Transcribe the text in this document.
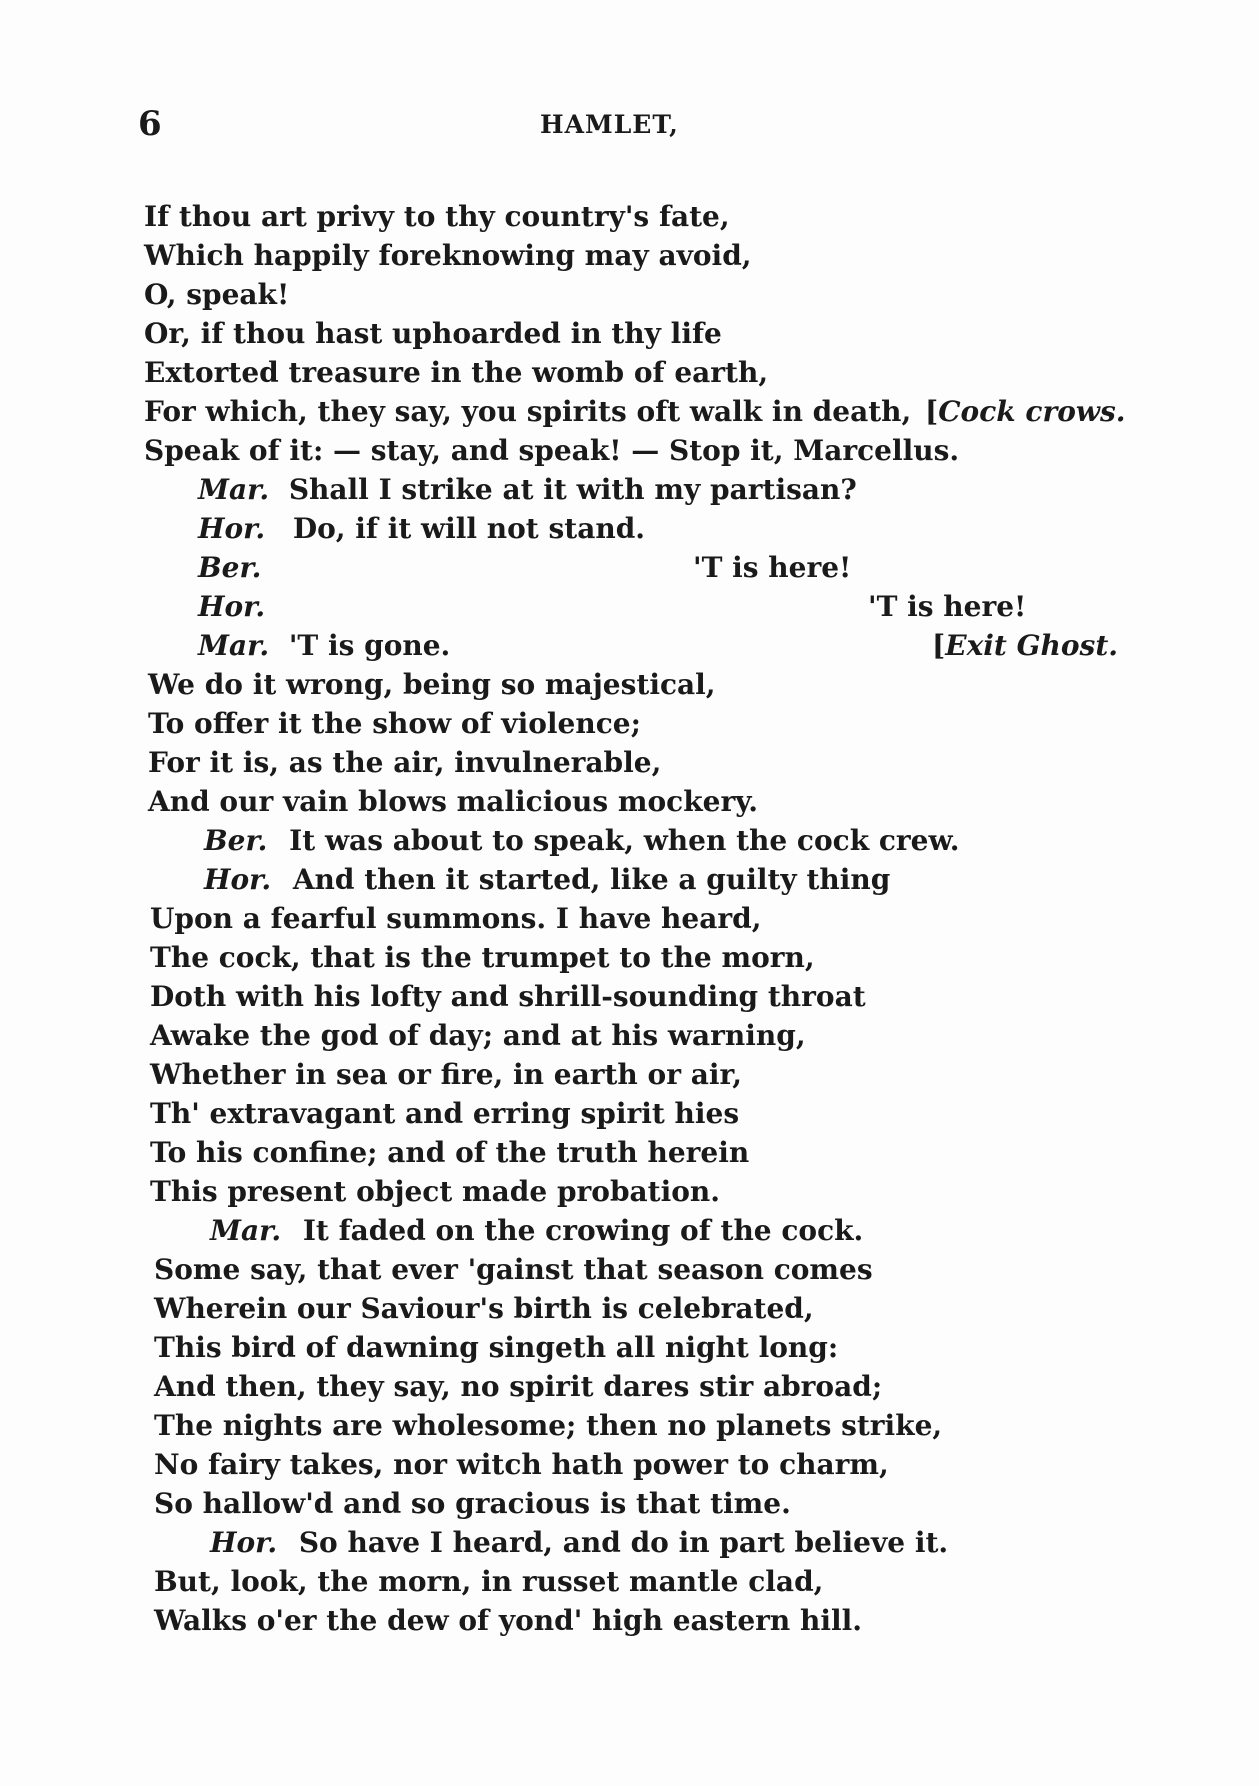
6	HAMLET,
If thou art privy to thy country's fate,
Which happily foreknowing may avoid,
O, speak!
Or, if thou hast uphoarded in thy life
Extorted treasure in the womb of earth,
For which, they say, you spirits oft walk in death, [Cock crows.
Speak of it: — stay, and speak! — Stop it, Marcellus.
Mar. Shall I strike at it with my partisan?
Hor. Do, if it will not stand.
Ber.	'T is here!
Hor.	'T is here!
Mar. 'T is gone.	[Exit Ghost.
We do it wrong, being so majestical,
To offer it the show of violence;
For it is, as the air, invulnerable,
And our vain blows malicious mockery.
Ber. It was about to speak, when the cock crew.
Hor. And then it started, like a guilty thing
Upon a fearful summons. I have heard,
The cock, that is the trumpet to the morn,
Doth with his lofty and shrill-sounding throat
Awake the god of day; and at his warning,
Whether in sea or fire, in earth or air,
Th' extravagant and erring spirit hies
To his confine; and of the truth herein
This present object made probation.
Mar. It faded on the crowing of the cock.
Some say, that ever 'gainst that season comes
Wherein our Saviour's birth is celebrated,
This bird of dawning singeth all night long:
And then, they say, no spirit dares stir abroad;
The nights are wholesome; then no planets strike,
No fairy takes, nor witch hath power to charm,
So hallow'd and so gracious is that time.
Hor. So have I heard, and do in part believe it.
But, look, the morn, in russet mantle clad,
Walks o'er the dew of yond' high eastern hill.
